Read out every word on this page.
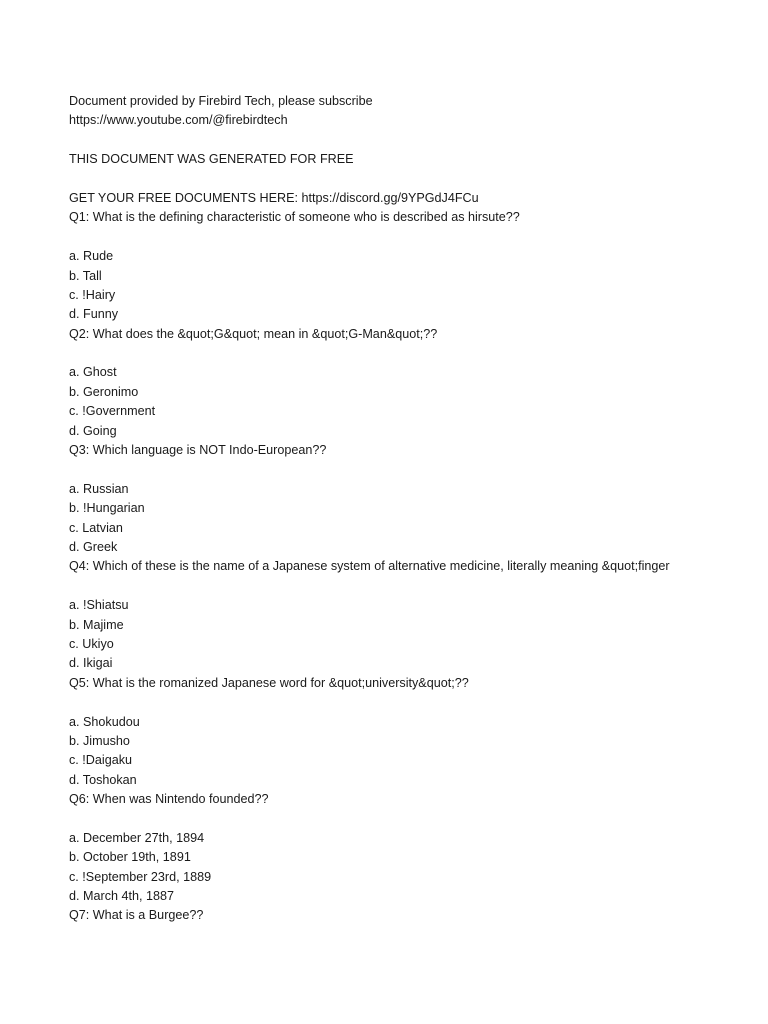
Document provided by Firebird Tech, please subscribe
https://www.youtube.com/@firebirdtech
THIS DOCUMENT WAS GENERATED FOR FREE
GET YOUR FREE DOCUMENTS HERE: https://discord.gg/9YPGdJ4FCu
Q1: What is the defining characteristic of someone who is described as hirsute??
a. Rude
b. Tall
c. !Hairy
d. Funny
Q2: What does the &quot;G&quot; mean in &quot;G-Man&quot;??
a. Ghost
b. Geronimo
c. !Government
d. Going
Q3: Which language is NOT Indo-European??
a. Russian
b. !Hungarian
c. Latvian
d. Greek
Q4: Which of these is the name of a Japanese system of alternative medicine, literally meaning &quot;finger
a. !Shiatsu
b. Majime
c. Ukiyo
d. Ikigai
Q5: What is the romanized Japanese word for &quot;university&quot;??
a. Shokudou
b. Jimusho
c. !Daigaku
d. Toshokan
Q6: When was Nintendo founded??
a. December 27th, 1894
b. October 19th, 1891
c. !September 23rd, 1889
d. March 4th, 1887
Q7: What is a Burgee??
